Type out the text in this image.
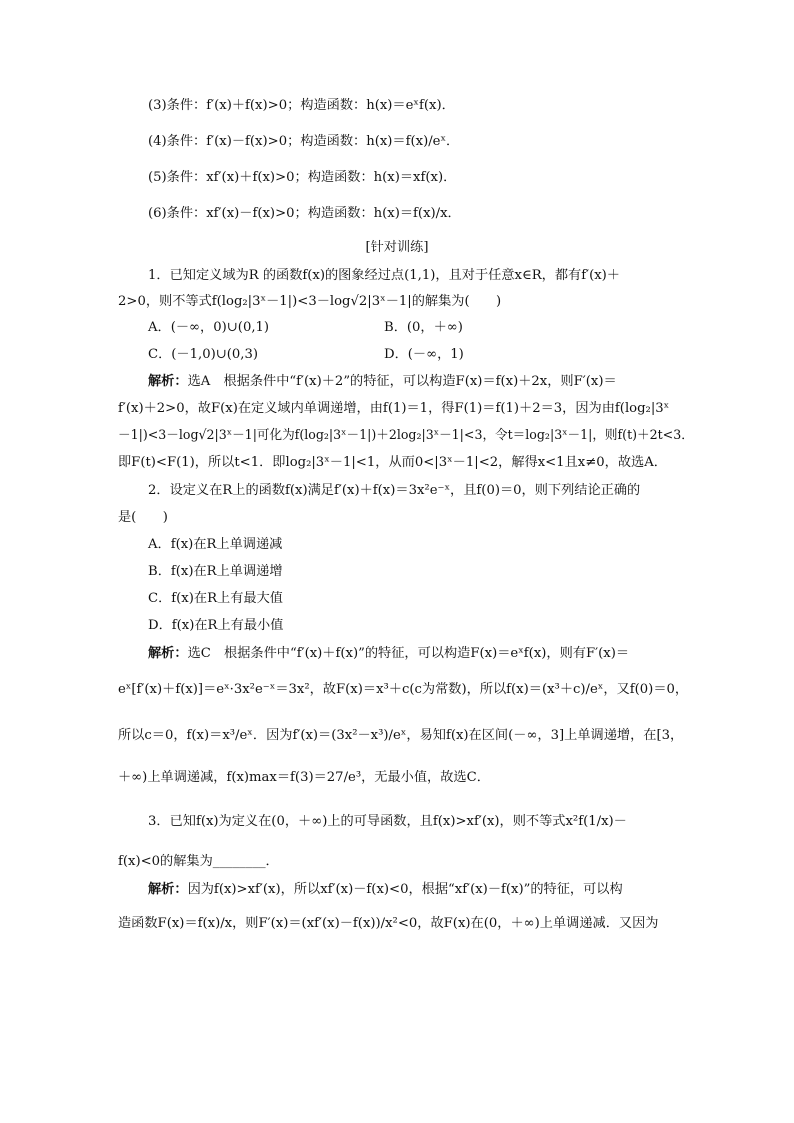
(3)条件：f′(x)＋f(x)>0；构造函数：h(x)＝eˣf(x)．
(4)条件：f′(x)－f(x)>0；构造函数：h(x)＝f(x)/eˣ．
(5)条件：xf′(x)＋f(x)>0；构造函数：h(x)＝xf(x)．
(6)条件：xf′(x)－f(x)>0；构造函数：h(x)＝f(x)/x．
[针对训练]
1．已知定义域为R 的函数f(x)的图象经过点(1,1)，且对于任意x∈R，都有f′(x)＋
2>0，则不等式f(log₂|3ˣ－1|)<3－log√2|3ˣ－1|的解集为(　　)
A．(－∞，0)∪(0,1)	B．(0，＋∞)
C．(－1,0)∪(0,3)	D．(－∞，1)
解析：选A　根据条件中“f′(x)＋2”的特征，可以构造F(x)＝f(x)＋2x，则F′(x)＝
f′(x)＋2>0，故F(x)在定义域内单调递增，由f(1)＝1，得F(1)＝f(1)＋2＝3，因为由f(log₂|3ˣ
－1|)<3－log√2|3ˣ－1|可化为f(log₂|3ˣ－1|)＋2log₂|3ˣ－1|<3，令t＝log₂|3ˣ－1|，则f(t)＋2t<3．
即F(t)<F(1)，所以t<1．即log₂|3ˣ－1|<1，从而0<|3ˣ－1|<2，解得x<1且x≠0，故选A．
2．设定义在R上的函数f(x)满足f′(x)＋f(x)＝3x²e⁻ˣ，且f(0)＝0，则下列结论正确的
是(　　)
A．f(x)在R上单调递减
B．f(x)在R上单调递增
C．f(x)在R上有最大值
D．f(x)在R上有最小值
解析：选C　根据条件中“f′(x)＋f(x)”的特征，可以构造F(x)＝eˣf(x)，则有F′(x)＝
eˣ[f′(x)＋f(x)]＝eˣ·3x²e⁻ˣ＝3x²，故F(x)＝x³＋c(c为常数)，所以f(x)＝(x³＋c)/eˣ，又f(0)＝0，
所以c＝0，f(x)＝x³/eˣ．因为f′(x)＝(3x²－x³)/eˣ，易知f(x)在区间(－∞，3]上单调递增，在[3，
＋∞)上单调递减，f(x)max＝f(3)＝27/e³，无最小值，故选C．
3．已知f(x)为定义在(0，＋∞)上的可导函数，且f(x)>xf′(x)，则不等式x²f(1/x)－
f(x)<0的解集为________．
解析：因为f(x)>xf′(x)，所以xf′(x)－f(x)<0，根据“xf′(x)－f(x)”的特征，可以构
造函数F(x)＝f(x)/x，则F′(x)＝(xf′(x)－f(x))/x²<0，故F(x)在(0，＋∞)上单调递减．又因为
